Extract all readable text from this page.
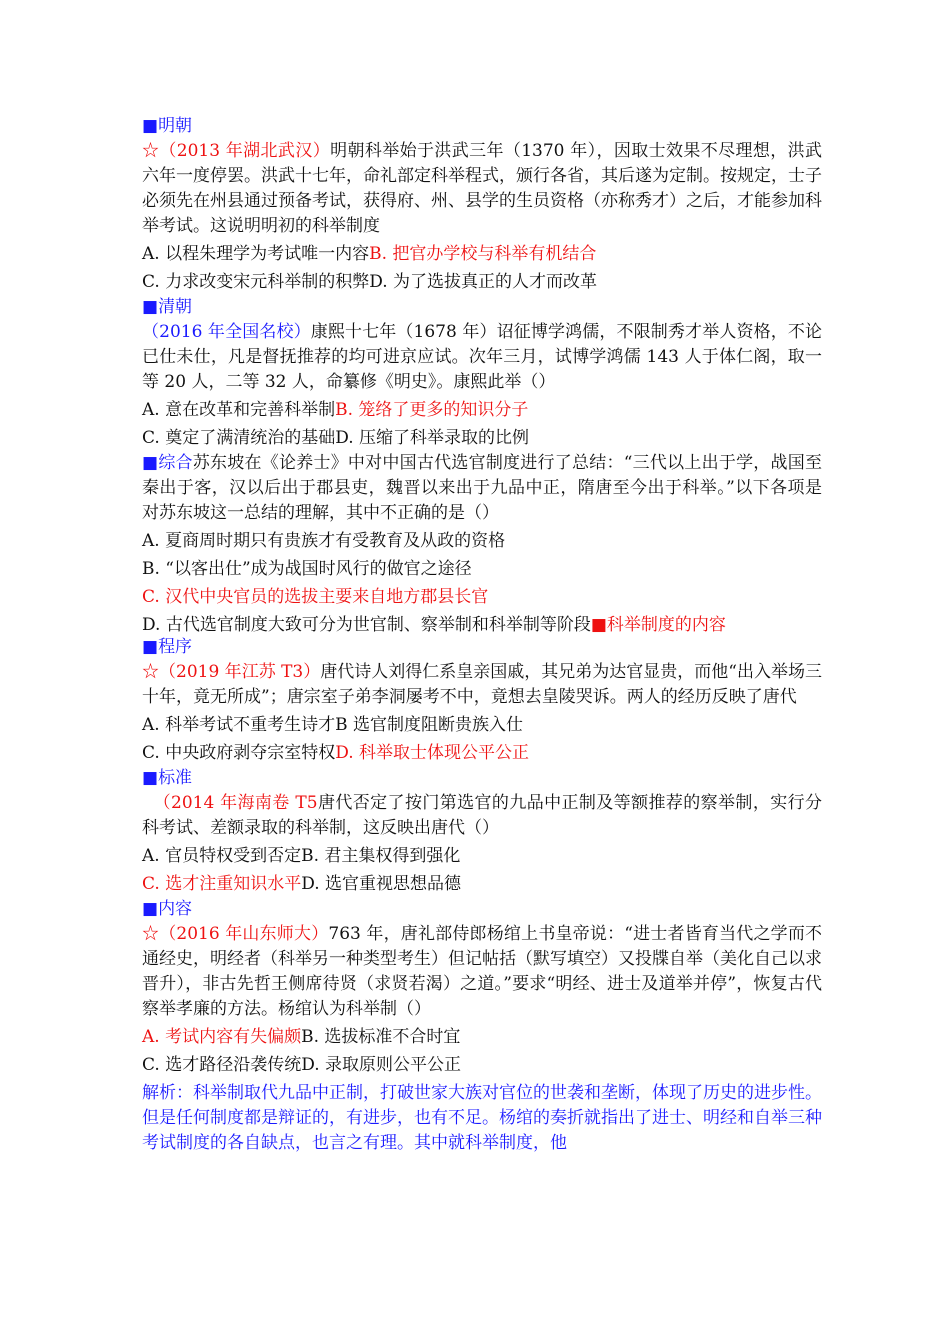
■明朝

☆（2013 年湖北武汉）明朝科举始于洪武三年（1370 年），因取士效果不尽理想，洪武六年一度停罢。洪武十七年，命礼部定科举程式，颁行各省，其后遂为定制。按规定，士子必须先在州县通过预备考试，获得府、州、县学的生员资格（亦称秀才）之后，才能参加科举考试。这说明明初的科举制度

A. 以程朱理学为考试唯一内容B. 把官办学校与科举有机结合

C. 力求改变宋元科举制的积弊D. 为了选拔真正的人才而改革

■清朝

（2016 年全国名校）康熙十七年（1678 年）诏征博学鸿儒，不限制秀才举人资格，不论已仕未仕，凡是督抚推荐的均可进京应试。次年三月，试博学鸿儒 143 人于体仁阁，取一等 20 人，二等 32 人，命纂修《明史》。康熙此举（）

A. 意在改革和完善科举制B. 笼络了更多的知识分子

C. 奠定了满清统治的基础D. 压缩了科举录取的比例

■综合苏东坡在《论养士》中对中国古代选官制度进行了总结：“三代以上出于学，战国至秦出于客，汉以后出于郡县吏，魏晋以来出于九品中正，隋唐至今出于科举。”以下各项是对苏东坡这一总结的理解，其中不正确的是（）

A. 夏商周时期只有贵族才有受教育及从政的资格

B. “以客出仕”成为战国时风行的做官之途径

C. 汉代中央官员的选拔主要来自地方郡县长官

D. 古代选官制度大致可分为世官制、察举制和科举制等阶段■科举制度的内容

■程序

☆（2019 年江苏 T3）唐代诗人刘得仁系皇亲国戚，其兄弟为达官显贵，而他“出入举场三十年，竟无所成”；唐宗室子弟李洞屡考不中，竟想去皇陵哭诉。两人的经历反映了唐代

A. 科举考试不重考生诗才B 选官制度阻断贵族入仕

C. 中央政府剥夺宗室特权D. 科举取士体现公平公正

■标准

（2014 年海南卷 T5唐代否定了按门第选官的九品中正制及等额推荐的察举制，实行分科考试、差额录取的科举制，这反映出唐代（）

A. 官员特权受到否定B. 君主集权得到强化

C. 选才注重知识水平D. 选官重视思想品德

■内容

☆（2016 年山东师大）763 年，唐礼部侍郎杨绾上书皇帝说：“进士者皆育当代之学而不通经史，明经者（科举另一种类型考生）但记帖括（默写填空）又投牒自举（美化自己以求晋升），非古先哲王侧席待贤（求贤若渴）之道。”要求“明经、进士及道举并停”，恢复古代察举孝廉的方法。杨绾认为科举制（）

A. 考试内容有失偏颇B. 选拔标准不合时宜

C. 选才路径沿袭传统D. 录取原则公平公正

解析：科举制取代九品中正制，打破世家大族对官位的世袭和垄断，体现了历史的进步性。但是任何制度都是辩证的，有进步，也有不足。杨绾的奏折就指出了进士、明经和自举三种考试制度的各自缺点，也言之有理。其中就科举制度，他
